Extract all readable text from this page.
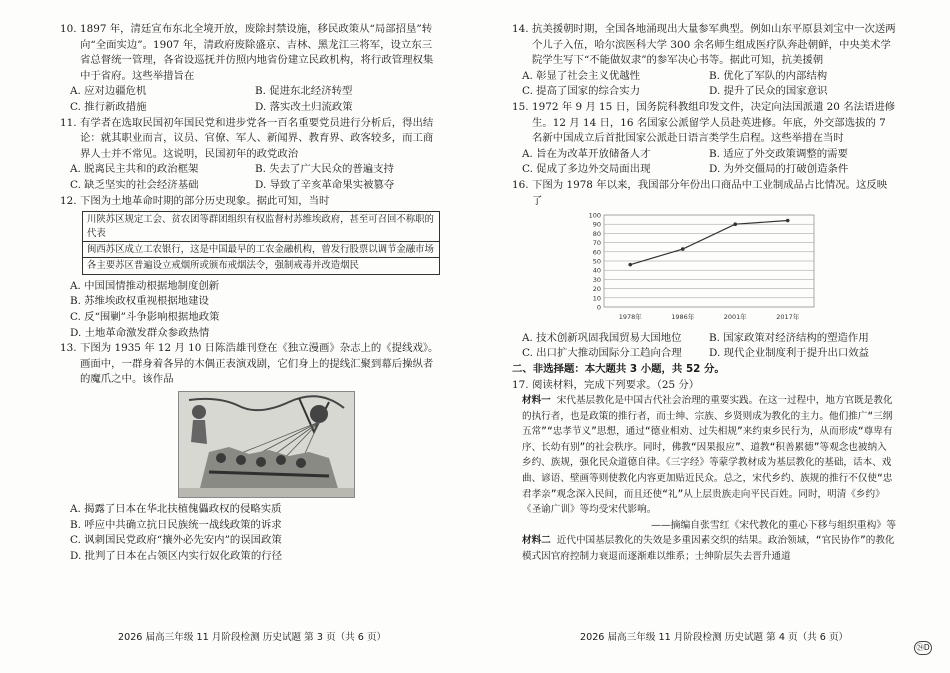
10. 1897 年，清廷宣布东北全境开放，废除封禁设施，移民政策从“局部招垦”转向“全面实边”。1907 年，清政府废除盛京、吉林、黑龙江三将军，设立东三省总督统一管理，各省设巡抚并仿照内地省份建立民政机构，将行政管理权集中于省府。这些举措旨在
A. 应对边疆危机	B. 促进东北经济转型
C. 推行新政措施	D. 落实改土归流政策
11. 有学者在选取民国初年国民党和进步党各一百名重要党员进行分析后，得出结论：就其职业而言，议员、官僚、军人、新闻界、教育界、政客较多，而工商界人士并不常见。这说明，民国初年的政党政治
A. 脱离民主共和的政治框架	B. 失去了广大民众的普遍支持
C. 缺乏坚实的社会经济基础	D. 导致了辛亥革命果实被篡夺
12. 下图为土地革命时期的部分历史现象。据此可知，当时
川陕苏区规定工会、贫农团等群团组织有权监督村苏维埃政府，甚至可召回不称职的代表
闽西苏区成立工农银行，这是中国最早的工农金融机构，曾发行股票以调节金融市场
各主要苏区普遍设立戒烟所或颁布戒烟法令，强制戒毒并改造烟民
A. 中国国情推动根据地制度创新
B. 苏维埃政权重视根据地建设
C. 反“围剿”斗争影响根据地政策
D. 土地革命激发群众参政热情
13. 下图为 1935 年 12 月 10 日陈浩雄刊登在《独立漫画》杂志上的《提线戏》。画面中，一群身着各异的木偶正表演戏剧，它们身上的提线汇聚到幕后操纵者的魔爪之中。该作品
A. 揭露了日本在华北扶植傀儡政权的侵略实质
B. 呼应中共确立抗日民族统一战线政策的诉求
C. 讽刺国民党政府“攘外必先安内”的误国政策
D. 批判了日本在占领区内实行奴化政策的行径
2026 届高三年级 11 月阶段检测 历史试题 第 3 页（共 6 页）
14. 抗美援朝时期，全国各地涌现出大量参军典型。例如山东平原县刘宝中一次送两个儿子入伍，哈尔滨医科大学 300 余名师生组成医疗队奔赴朝鲜，中央美术学院学生写下“不能做奴隶”的参军决心书等。据此可知，抗美援朝
A. 彰显了社会主义优越性	B. 优化了军队的内部结构
C. 提高了国家的综合实力	D. 提升了民众的国家意识
15. 1972 年 9 月 15 日，国务院科教组印发文件，决定向法国派遣 20 名法语进修生。12 月 14 日，16 名国家公派留学人员赴英进修。年底，外交部选拔的 7 名新中国成立后首批国家公派赴日语言类学生启程。这些举措在当时
A. 旨在为改革开放储备人才	B. 适应了外交政策调整的需要
C. 促成了多边外交局面出现	D. 为外交僵局的打破创造条件
16. 下图为 1978 年以来，我国部分年份出口商品中工业制成品占比情况。这反映了
0
10
20
30
40
50
60
70
80
90
100
1978年	1986年	2001年	2017年
A. 技术创新巩固我国贸易大国地位	B. 国家政策对经济结构的塑造作用
C. 出口扩大推动国际分工趋向合理	D. 现代企业制度利于提升出口效益
二、非选择题：本大题共 3 小题，共 52 分。
17. 阅读材料，完成下列要求。（25 分）
材料一 宋代基层教化是中国古代社会治理的重要实践。在这一过程中，地方官既是教化的执行者，也是政策的推行者，而士绅、宗族、乡贤则成为教化的主力。他们推广“三纲五常”“忠孝节义”思想，通过“德业相劝、过失相规”来约束乡民行为，从而形成“尊卑有序、长幼有别”的社会秩序。同时，佛教“因果报应”、道教“积善累德”等观念也被纳入乡约、族规，强化民众道德自律。《三字经》等蒙学教材成为基层教化的基础，话本、戏曲、谚语、壁画等则使教化内容更加贴近民众。总之，宋代乡约、族规的推行不仅使“忠君孝亲”观念深入民间，而且还使“礼”从上层贵族走向平民百姓。同时，明清《乡约》《圣谕广训》等均受宋代影响。
——摘编自张雪红《宋代教化的重心下移与组织重构》等
材料二 近代中国基层教化的失效是多重因素交织的结果。政治领域，“官民协作”的教化模式因官府控制力衰退而逐渐难以维系；士绅阶层失去晋升通道
2026 届高三年级 11 月阶段检测 历史试题 第 4 页（共 6 页）
㉔D
